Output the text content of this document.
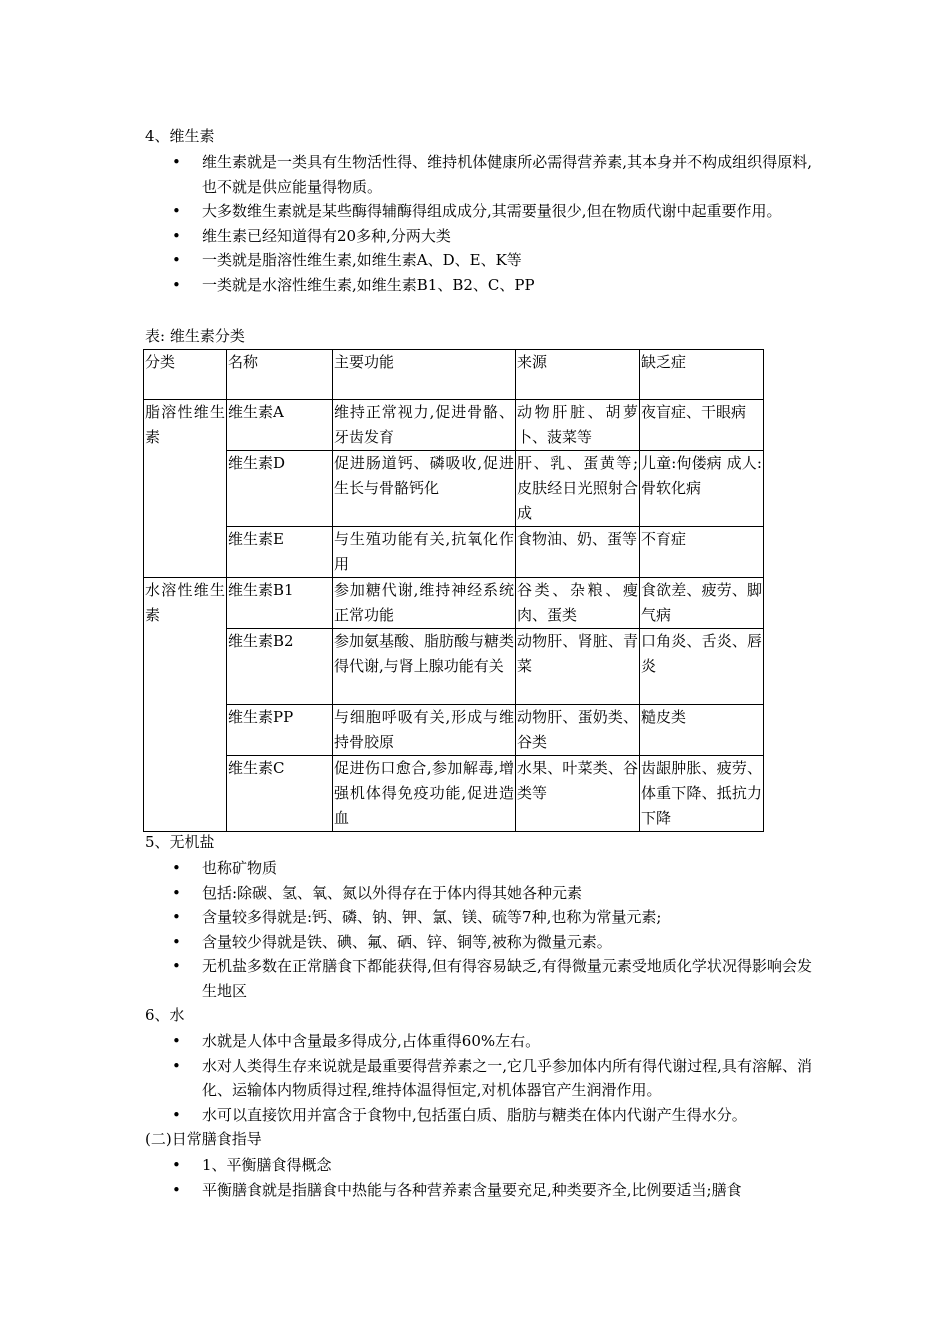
4、维生素
• 维生素就是一类具有生物活性得、维持机体健康所必需得营养素,其本身并不构成组织得原料,也不就是供应能量得物质。
• 大多数维生素就是某些酶得辅酶得组成成分,其需要量很少,但在物质代谢中起重要作用。
• 维生素已经知道得有20多种,分两大类
• 一类就是脂溶性维生素,如维生素A、D、E、K等
• 一类就是水溶性维生素,如维生素B1、B2、C、PP
表: 维生素分类
分类	名称	主要功能	来源	缺乏症
脂溶性维生素	维生素A	维持正常视力,促进骨骼、牙齿发育	动物肝脏、胡萝卜、菠菜等	夜盲症、干眼病
	维生素D	促进肠道钙、磷吸收,促进生长与骨骼钙化	肝、乳、蛋黄等;皮肤经日光照射合成	儿童:佝偻病 成人:骨软化病
	维生素E	与生殖功能有关,抗氧化作用	食物油、奶、蛋等	不育症
水溶性维生素	维生素B1	参加糖代谢,维持神经系统正常功能	谷类、杂粮、瘦肉、蛋类	食欲差、疲劳、脚气病
	维生素B2	参加氨基酸、脂肪酸与糖类得代谢,与肾上腺功能有关	动物肝、肾脏、青菜	口角炎、舌炎、唇炎
	维生素PP	与细胞呼吸有关,形成与维持骨胶原	动物肝、蛋奶类、谷类	糙皮类
	维生素C	促进伤口愈合,参加解毒,增强机体得免疫功能,促进造血	水果、叶菜类、谷类等	齿龈肿胀、疲劳、体重下降、抵抗力下降
5、无机盐
• 也称矿物质
• 包括:除碳、氢、氧、氮以外得存在于体内得其她各种元素
• 含量较多得就是:钙、磷、钠、钾、氯、镁、硫等7种,也称为常量元素;
• 含量较少得就是铁、碘、氟、硒、锌、铜等,被称为微量元素。
• 无机盐多数在正常膳食下都能获得,但有得容易缺乏,有得微量元素受地质化学状况得影响会发生地区
6、水
• 水就是人体中含量最多得成分,占体重得60%左右。
• 水对人类得生存来说就是最重要得营养素之一,它几乎参加体内所有得代谢过程,具有溶解、消化、运输体内物质得过程,维持体温得恒定,对机体器官产生润滑作用。
• 水可以直接饮用并富含于食物中,包括蛋白质、脂肪与糖类在体内代谢产生得水分。
(二)日常膳食指导
• 1、平衡膳食得概念
• 平衡膳食就是指膳食中热能与各种营养素含量要充足,种类要齐全,比例要适当;膳食
